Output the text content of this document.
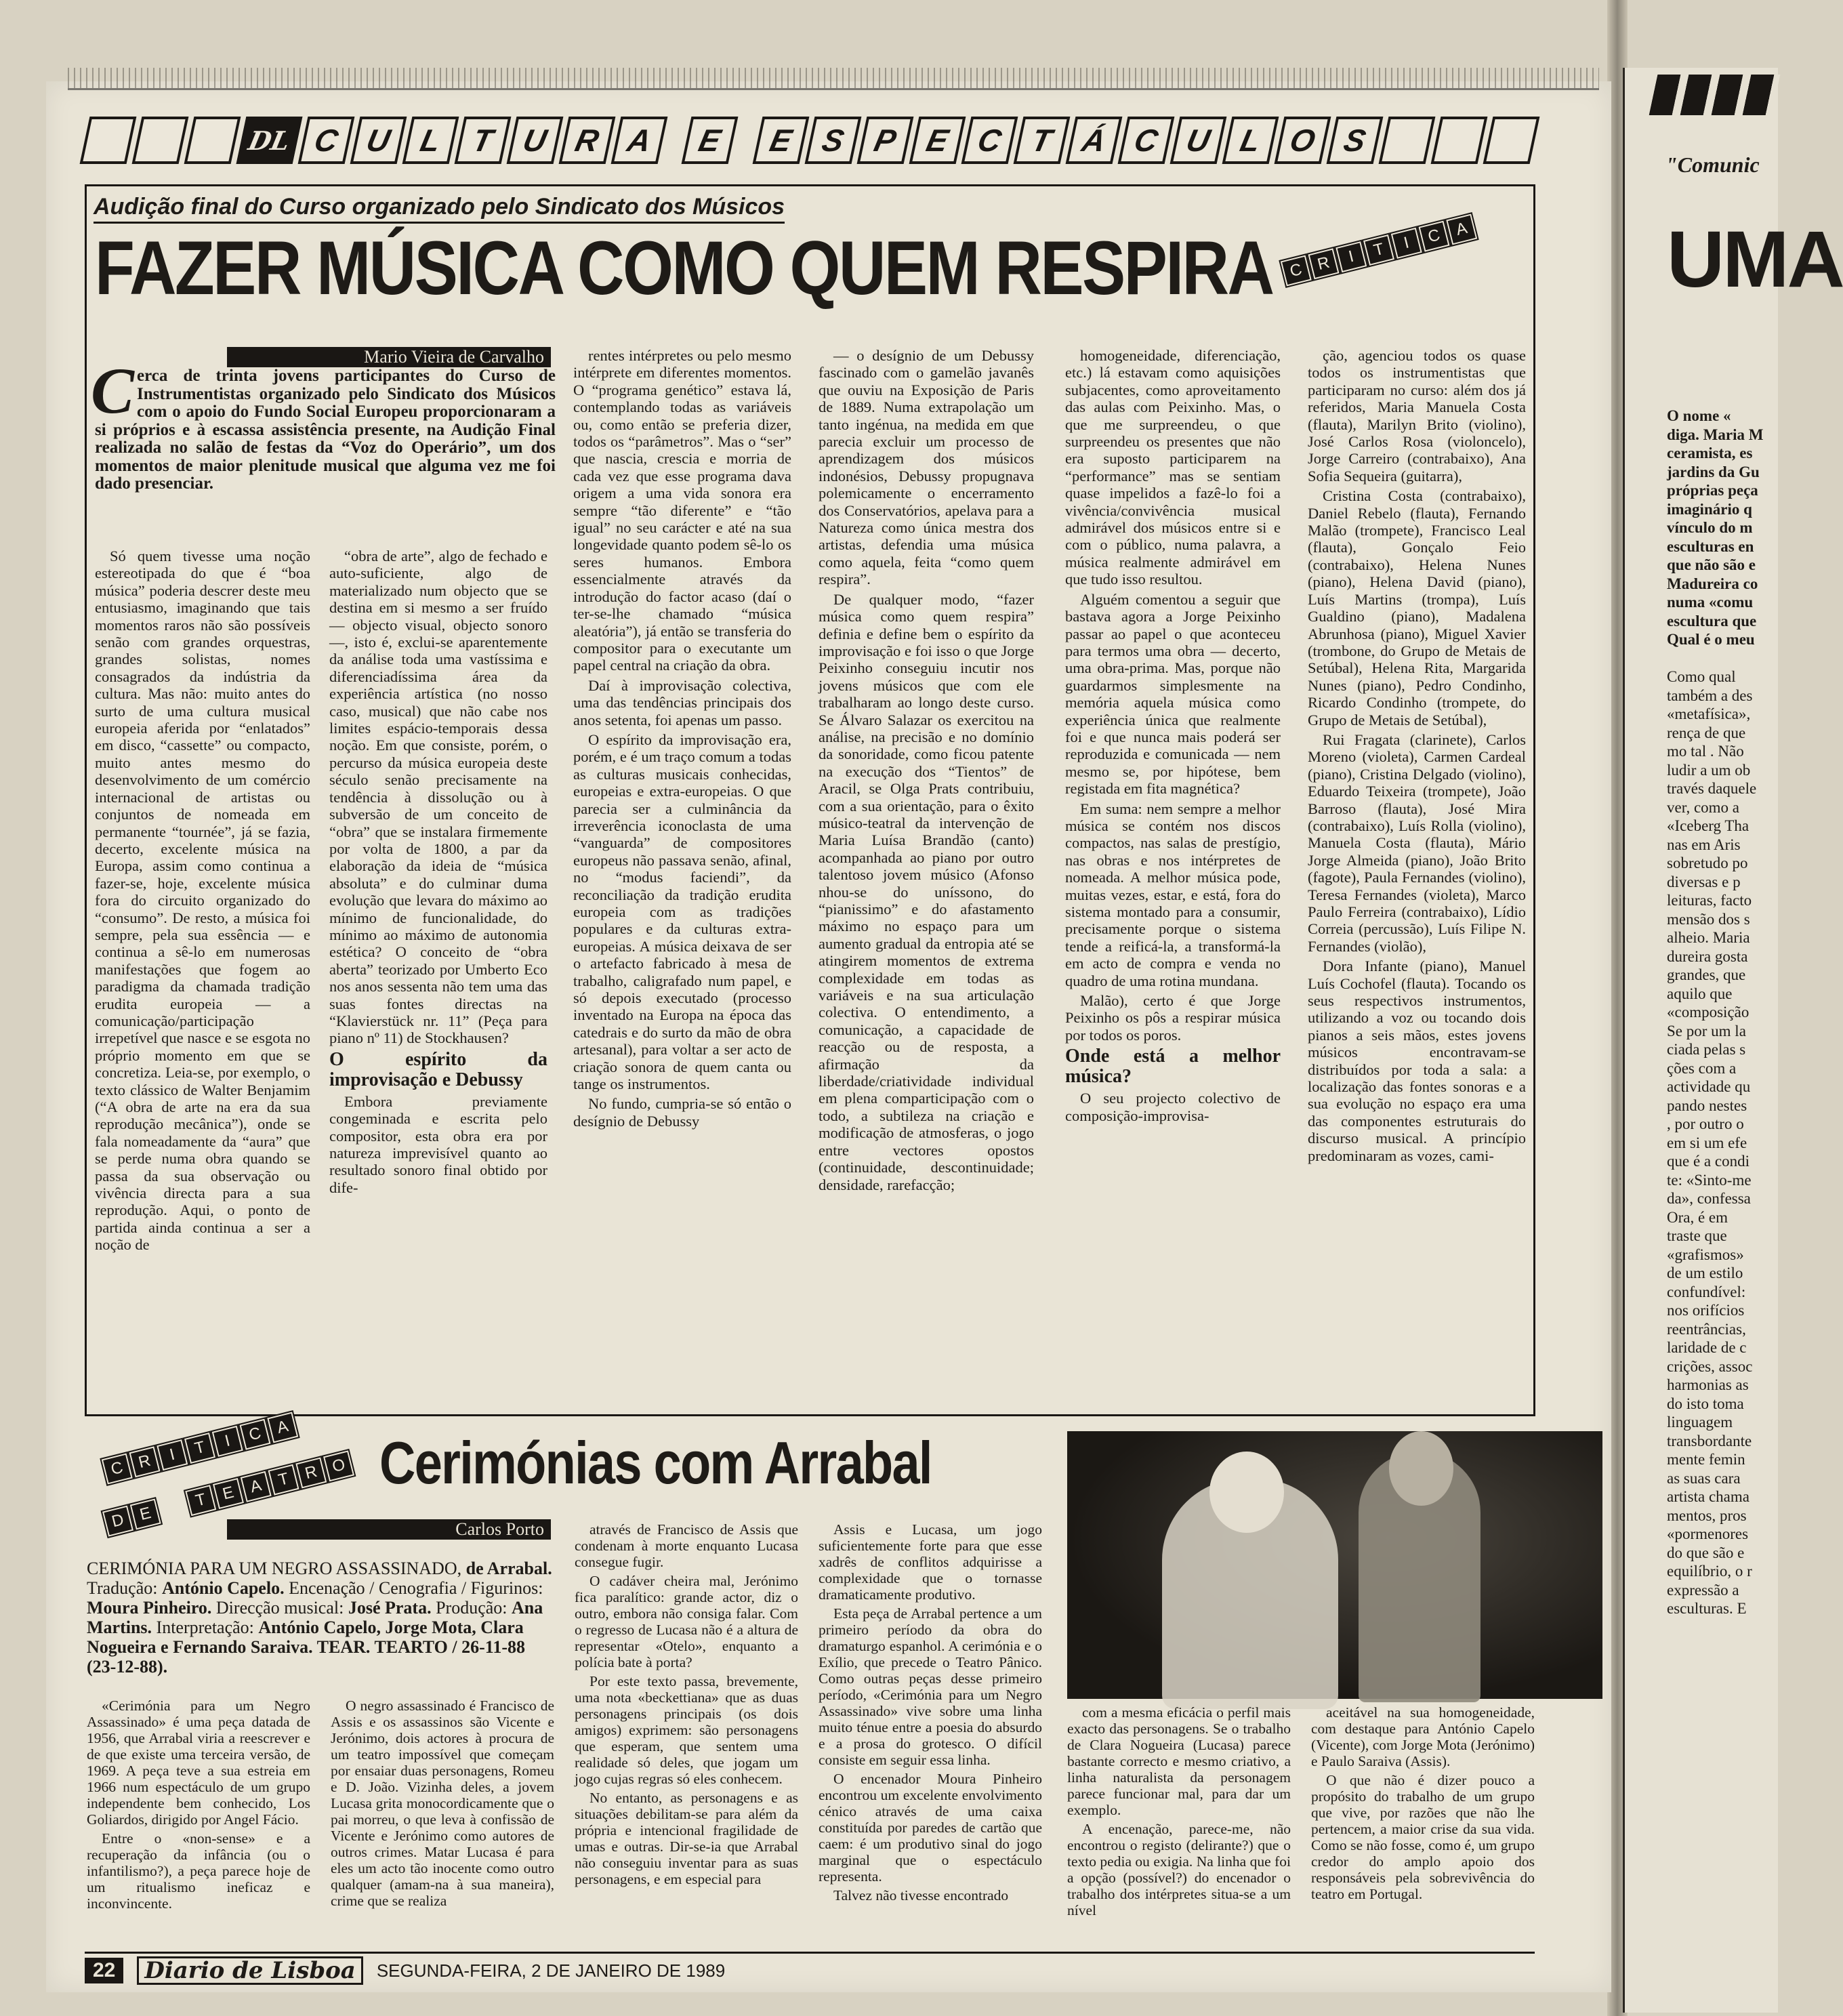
DL C U L T U R A	E	E S P E C T Á C U L O S
Audição final do Curso organizado pelo Sindicato dos Músicos
FAZER MÚSICA COMO QUEM RESPIRA C R I T I C A
Mario Vieira de Carvalho
Cerca de trinta jovens participantes do Curso de Instrumentistas organizado pelo Sindicato dos Músicos com o apoio do Fundo Social Europeu proporcionaram a si próprios e à escassa assistência presente, na Audição Final realizada no salão de festas da “Voz do Operário”, um dos momentos de maior plenitude musical que alguma vez me foi dado presenciar.

Só quem tivesse uma noção estereotipada do que é “boa música” poderia descrer deste meu entusiasmo, imaginando que tais momentos raros não são possíveis senão com grandes orquestras, grandes solistas, nomes consagrados da indústria da cultura. Mas não: muito antes do surto de uma cultura musical europeia aferida por “enlatados” em disco, “cassette” ou compacto, muito antes mesmo do desenvolvimento de um comércio internacional de artistas ou conjuntos de nomeada em permanente “tournée”, já se fazia, decerto, excelente música na Europa, assim como continua a fazer-se, hoje, excelente música fora do circuito organizado do “consumo”. De resto, a música foi sempre, pela sua essência — e continua a sê-lo em numerosas manifestações que fogem ao paradigma da chamada tradição erudita europeia — a comunicação/participação irrepetível que nasce e se esgota no próprio momento em que se concretiza. Leia-se, por exemplo, o texto clássico de Walter Benjamim (“A obra de arte na era da sua reprodução mecânica”), onde se fala nomeadamente da “aura” que se perde numa obra quando se passa da sua observação ou vivência directa para a sua reprodução. Aqui, o ponto de partida ainda continua a ser a noção de

“obra de arte”, algo de fechado e auto-suficiente, algo de materializado num objecto que se destina em si mesmo a ser fruído — objecto visual, objecto sonoro —, isto é, exclui-se aparentemente da análise toda uma vastíssima e diferenciadíssima área da experiência artística (no nosso caso, musical) que não cabe nos limites espácio-temporais dessa noção. Em que consiste, porém, o percurso da música europeia deste século senão precisamente na tendência à dissolução ou à subversão de um conceito de “obra” que se instalara firmemente por volta de 1800, a par da elaboração da ideia de “música absoluta” e do culminar duma evolução que levara do máximo ao mínimo de funcionalidade, do mínimo ao máximo de autonomia estética? O conceito de “obra aberta” teorizado por Umberto Eco nos anos sessenta não tem uma das suas fontes directas na “Klavierstück nr. 11” (Peça para piano nº 11) de Stockhausen?

O espírito da improvisação e Debussy

Embora previamente congeminada e escrita pelo compositor, esta obra era por natureza imprevisível quanto ao resultado sonoro final obtido por dife-

rentes intérpretes ou pelo mesmo intérprete em diferentes momentos. O “programa genético” estava lá, contemplando todas as variáveis ou, como então se preferia dizer, todos os “parâmetros”. Mas o “ser” que nascia, crescia e morria de cada vez que esse programa dava origem a uma vida sonora era sempre “tão diferente” e “tão igual” no seu carácter e até na sua longevidade quanto podem sê-lo os seres humanos. Embora essencialmente através da introdução do factor acaso (daí o ter-se-lhe chamado “música aleatória”), já então se transferia do compositor para o executante um papel central na criação da obra.

Daí à improvisação colectiva, uma das tendências principais dos anos setenta, foi apenas um passo.

O espírito da improvisação era, porém, e é um traço comum a todas as culturas musicais conhecidas, europeias e extra-europeias. O que parecia ser a culminância da irreverência iconoclasta de uma “vanguarda” de compositores europeus não passava senão, afinal, no “modus faciendi”, da reconciliação da tradição erudita europeia com as tradições populares e da culturas extra-europeias. A música deixava de ser o artefacto fabricado à mesa de trabalho, caligrafado num papel, e só depois executado (processo inventado na Europa na época das catedrais e do surto da mão de obra artesanal), para voltar a ser acto de criação sonora de quem canta ou tange os instrumentos.

No fundo, cumpria-se só então o desígnio de Debussy

— o desígnio de um Debussy fascinado com o gamelão javanês que ouviu na Exposição de Paris de 1889. Numa extrapolação um tanto ingénua, na medida em que parecia excluir um processo de aprendizagem dos músicos indonésios, Debussy propugnava polemicamente o encerramento dos Conservatórios, apelava para a Natureza como única mestra dos artistas, defendia uma música como aquela, feita “como quem respira”.

De qualquer modo, “fazer música como quem respira” definia e define bem o espírito da improvisação e foi isso o que Jorge Peixinho conseguiu incutir nos jovens músicos que com ele trabalharam ao longo deste curso. Se Álvaro Salazar os exercitou na análise, na precisão e no domínio da sonoridade, como ficou patente na execução dos “Tientos” de Aracil, se Olga Prats contribuiu, com a sua orientação, para o êxito músico-teatral da intervenção de Maria Luísa Brandão (canto) acompanhada ao piano por outro talentoso jovem músico (Afonso nhou-se do uníssono, do “pianissimo” e do afastamento máximo no espaço para um aumento gradual da entropia até se atingirem momentos de extrema complexidade em todas as variáveis e na sua articulação colectiva. O entendimento, a comunicação, a capacidade de reacção ou de resposta, a afirmação da liberdade/criatividade individual em plena comparticipação com o todo, a subtileza na criação e modificação de atmosferas, o jogo entre vectores opostos (continuidade, descontinuidade; densidade, rarefacção;

homogeneidade, diferenciação, etc.) lá estavam como aquisições subjacentes, como aproveitamento das aulas com Peixinho. Mas, o que me surpreendeu, o que surpreendeu os presentes que não era suposto participarem na “performance” mas se sentiam quase impelidos a fazê-lo foi a vivência/convivência musical admirável dos músicos entre si e com o público, numa palavra, a música realmente admirável em que tudo isso resultou.

Alguém comentou a seguir que bastava agora a Jorge Peixinho passar ao papel o que aconteceu para termos uma obra — decerto, uma obra-prima. Mas, porque não guardarmos simplesmente na memória aquela música como experiência única que realmente foi e que nunca mais poderá ser reproduzida e comunicada — nem mesmo se, por hipótese, bem registada em fita magnética?

Em suma: nem sempre a melhor música se contém nos discos compactos, nas salas de prestígio, nas obras e nos intérpretes de nomeada. A melhor música pode, muitas vezes, estar, e está, fora do sistema montado para a consumir, precisamente porque o sistema tende a reificá-la, a transformá-la em acto de compra e venda no quadro de uma rotina mundana.

Malão), certo é que Jorge Peixinho os pôs a respirar música por todos os poros.

Onde está a melhor música?

O seu projecto colectivo de composição-improvisa-

ção, agenciou todos os quase todos os instrumentistas que participaram no curso: além dos já referidos, Maria Manuela Costa (flauta), Marilyn Brito (violino), José Carlos Rosa (violoncelo), Jorge Carreiro (contrabaixo), Ana Sofia Sequeira (guitarra),

Cristina Costa (contrabaixo), Daniel Rebelo (flauta), Fernando Malão (trompete), Francisco Leal (flauta), Gonçalo Feio (contrabaixo), Helena Nunes (piano), Helena David (piano), Luís Martins (trompa), Luís Gualdino (piano), Madalena Abrunhosa (piano), Miguel Xavier (trombone, do Grupo de Metais de Setúbal), Helena Rita, Margarida Nunes (piano), Pedro Condinho, Ricardo Condinho (trompete, do Grupo de Metais de Setúbal),

Rui Fragata (clarinete), Carlos Moreno (violeta), Carmen Cardeal (piano), Cristina Delgado (violino), Eduardo Teixeira (trompete), João Barroso (flauta), José Mira (contrabaixo), Luís Rolla (violino), Manuela Costa (flauta), Mário Jorge Almeida (piano), João Brito (fagote), Paula Fernandes (violino), Teresa Fernandes (violeta), Marco Paulo Ferreira (contrabaixo), Lídio Correia (percussão), Luís Filipe N. Fernandes (violão),

Dora Infante (piano), Manuel Luís Cochofel (flauta). Tocando os seus respectivos instrumentos, utilizando a voz ou tocando dois pianos a seis mãos, estes jovens músicos encontravam-se distribuídos por toda a sala: a localização das fontes sonoras e a sua evolução no espaço era uma das componentes estruturais do discurso musical. A princípio predominaram as vozes, cami-

C R I T I C A
D E
T E A T R O Cerimónias com Arrabal
Carlos Porto
CERIMÓNIA PARA UM NEGRO ASSASSINADO, de Arrabal. Tradução: António Capelo. Encenação / Cenografia / Figurinos: Moura Pinheiro. Direcção musical: José Prata. Produção: Ana Martins. Interpretação: António Capelo, Jorge Mota, Clara Nogueira e Fernando Saraiva. TEAR. TEARTO / 26-11-88 (23-12-88).

«Cerimónia para um Negro Assassinado» é uma peça datada de 1956, que Arrabal viria a reescrever e de que existe uma terceira versão, de 1969. A peça teve a sua estreia em 1966 num espectáculo de um grupo independente bem conhecido, Los Goliardos, dirigido por Angel Fácio.

Entre o «non-sense» e a recuperação da infância (ou o infantilismo?), a peça parece hoje de um ritualismo ineficaz e inconvincente.

O negro assassinado é Francisco de Assis e os assassinos são Vicente e Jerónimo, dois actores à procura de um teatro impossível que começam por ensaiar duas personagens, Romeu e D. João. Vizinha deles, a jovem Lucasa grita monocordicamente que o pai morreu, o que leva à confissão de Vicente e Jerónimo como autores de outros crimes. Matar Lucasa é para eles um acto tão inocente como outro qualquer (amam-na à sua maneira), crime que se realiza

através de Francisco de Assis que condenam à morte enquanto Lucasa consegue fugir.

O cadáver cheira mal, Jerónimo fica paralítico: grande actor, diz o outro, embora não consiga falar. Com o regresso de Lucasa não é a altura de representar «Otelo», enquanto a polícia bate à porta?

Por este texto passa, brevemente, uma nota «beckettiana» que as duas personagens principais (os dois amigos) exprimem: são personagens que esperam, que sentem uma realidade só deles, que jogam um jogo cujas regras só eles conhecem.

No entanto, as personagens e as situações debilitam-se para além da própria e intencional fragilidade de umas e outras. Dir-se-ia que Arrabal não conseguiu inventar para as suas personagens, e em especial para

Assis e Lucasa, um jogo suficientemente forte para que esse xadrês de conflitos adquirisse a complexidade que o tornasse dramaticamente produtivo.

Esta peça de Arrabal pertence a um primeiro período da obra do dramaturgo espanhol. A cerimónia e o Exílio, que precede o Teatro Pânico. Como outras peças desse primeiro período, «Cerimónia para um Negro Assassinado» vive sobre uma linha muito ténue entre a poesia do absurdo e a prosa do grotesco. O difícil consiste em seguir essa linha.

O encenador Moura Pinheiro encontrou um excelente envolvimento cénico através de uma caixa constituída por paredes de cartão que caem: é um produtivo sinal do jogo marginal que o espectáculo representa.

Talvez não tivesse encontrado

com a mesma eficácia o perfil mais exacto das personagens. Se o trabalho de Clara Nogueira (Lucasa) parece bastante correcto e mesmo criativo, a linha naturalista da personagem parece funcionar mal, para dar um exemplo.

A encenação, parece-me, não encontrou o registo (delirante?) que o texto pedia ou exigia. Na linha que foi a opção (possível?) do encenador o trabalho dos intérpretes situa-se a um nível

aceitável na sua homogeneidade, com destaque para António Capelo (Vicente), com Jorge Mota (Jerónimo) e Paulo Saraiva (Assis).

O que não é dizer pouco a propósito do trabalho de um grupo que vive, por razões que não lhe pertencem, a maior crise da sua vida. Como se não fosse, como é, um grupo credor do amplo apoio dos responsáveis pela sobrevivência do teatro em Portugal.

22	Diario de Lisboa	SEGUNDA-FEIRA, 2 DE JANEIRO DE 1989
"Comunic
UMA
O nome «
diga. Maria M
ceramista, es
jardins da Gu
próprias peça
imaginário q
vínculo do m
esculturas en
que não são e
Madureira co
numa «comu
escultura que
Qual é o meu

Como qual
também a des
«metafísica»,
rença de que
mo tal . Não
ludir a um ob
través daquele
ver, como a
«Iceberg Tha
nas em Aris
sobretudo po
diversas e p
leituras, facto
mensão dos s
alheio. Maria
dureira gosta
grandes, que
aquilo que
«composição
Se por um la
ciada pelas s
ções com a
actividade qu
pando nestes
, por outro o
em si um efe
que é a condi
te: «Sinto-me
da», confessa
Ora, é em
traste que
«grafismos»
de um estilo
confundível:
nos orifícios
reentrâncias,
laridade de c
crições, assoc
harmonias as
do isto toma
linguagem
transbordante
mente femin
as suas cara
artista chama
mentos, pros
«pormenores
do que são e
equilíbrio, o r
expressão a
esculturas. E
